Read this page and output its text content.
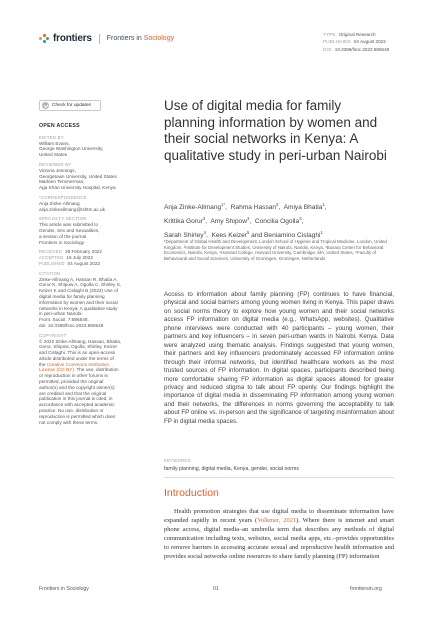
frontiers Frontiers in Sociology
TYPE Original Research
PUBLISHED 04 August 2022
DOI 10.3389/fsoc.2022.886548
Check for updates
OPEN ACCESS
EDITED BY
William Evans,
George Washington University,
United States
REVIEWED BY
Victoria Jennings,
Georgetown University, United States
Marleen Temmerman,
Aga Khan University Hospital, Kenya
*CORRESPONDENCE
Anja Zinke-Allmang
anja.zinkeallmang@lshtm.ac.uk
SPECIALTY SECTION
This article was submitted to
Gender, Sex and Sexualities,
a section of the journal
Frontiers in Sociology
RECEIVED 28 February 2022
ACCEPTED 15 July 2022
PUBLISHED 04 August 2022
CITATION
Zinke-Allmang A, Hassan R, Bhatia A,
Gorur K, Shipow A, Ogolla C, Shirley S,
Keizer K and Cislaghi B (2022) Use of
digital media for family planning
information by women and their social
networks in Kenya: A qualitative study
in peri-urban Nairobi.
Front. Sociol. 7:886548.
doi: 10.3389/fsoc.2022.886548
COPYRIGHT
© 2022 Zinke-Allmang, Hassan, Bhatia,
Gorur, Shipow, Ogolla, Shirley, Keizer
and Cislaghi. This is an open-access
article distributed under the terms of
the Creative Commons Attribution
License (CC BY). The use, distribution
or reproduction in other forums is
permitted, provided the original
author(s) and the copyright owner(s)
are credited and that the original
publication in this journal is cited, in
accordance with accepted academic
practice. No use, distribution or
reproduction is permitted which does
not comply with these terms.
Use of digital media for family planning information by women and their social networks in Kenya: A qualitative study in peri-urban Nairobi
Anja Zinke-Allmang$^{1*}$,  Rahma Hassan$^2$,  Amiya Bhatia$^1$,
Krittika Gorur$^3$,  Amy Shipow$^3$,  Concilia Ogolla$^3$,
Sarah Shirley$^4$,  Kees Keizer$^5$ and Beniamino Cislaghi$^1$
¹Department of Global Health and Development, London School of Hygiene and Tropical Medicine, London, United Kingdom, ²Institute for Development Studies, University of Nairobi, Nairobi, Kenya, ³Busara Center for Behavioral Economics, Nairobi, Kenya, ⁴Harvard College, Harvard University, Cambridge, MA, United States, ⁵Faculty of Behavioural and Social Sciences, University of Groningen, Groningen, Netherlands
Access to information about family planning (FP) continues to have financial, physical and social barriers among young women living in Kenya. This paper draws on social norms theory to explore how young women and their social networks access FP information on digital media (e.g., WhatsApp, websites). Qualitative phone interviews were conducted with 40 participants – young women, their partners and key influencers – in seven peri-urban wards in Nairobi, Kenya. Data were analyzed using thematic analysis. Findings suggested that young women, their partners and key influencers predominately accessed FP information online through their informal networks, but identified healthcare workers as the most trusted sources of FP information. In digital spaces, participants described being more comfortable sharing FP information as digital spaces allowed for greater privacy and reduced stigma to talk about FP openly. Our findings highlight the importance of digital media in disseminating FP information among young women and their networks, the differences in norms governing the acceptability to talk about FP online vs. in-person and the significance of targeting misinformation about FP in digital media spaces.
KEYWORDS
family planning, digital media, Kenya, gender, social norms
Introduction

Health promotion strategies that use digital media to disseminate information have expanded rapidly in recent years (Volkmer, 2021). Where there is internet and smart phone access, digital media–an umbrella term that describes any methods of digital communication including texts, websites, social media apps, etc.–provides opportunities to remove barriers in accessing accurate sexual and reproductive health information and provides social networks online resources to share family planning (FP) information

Frontiers in Sociology	01	frontiersin.org
